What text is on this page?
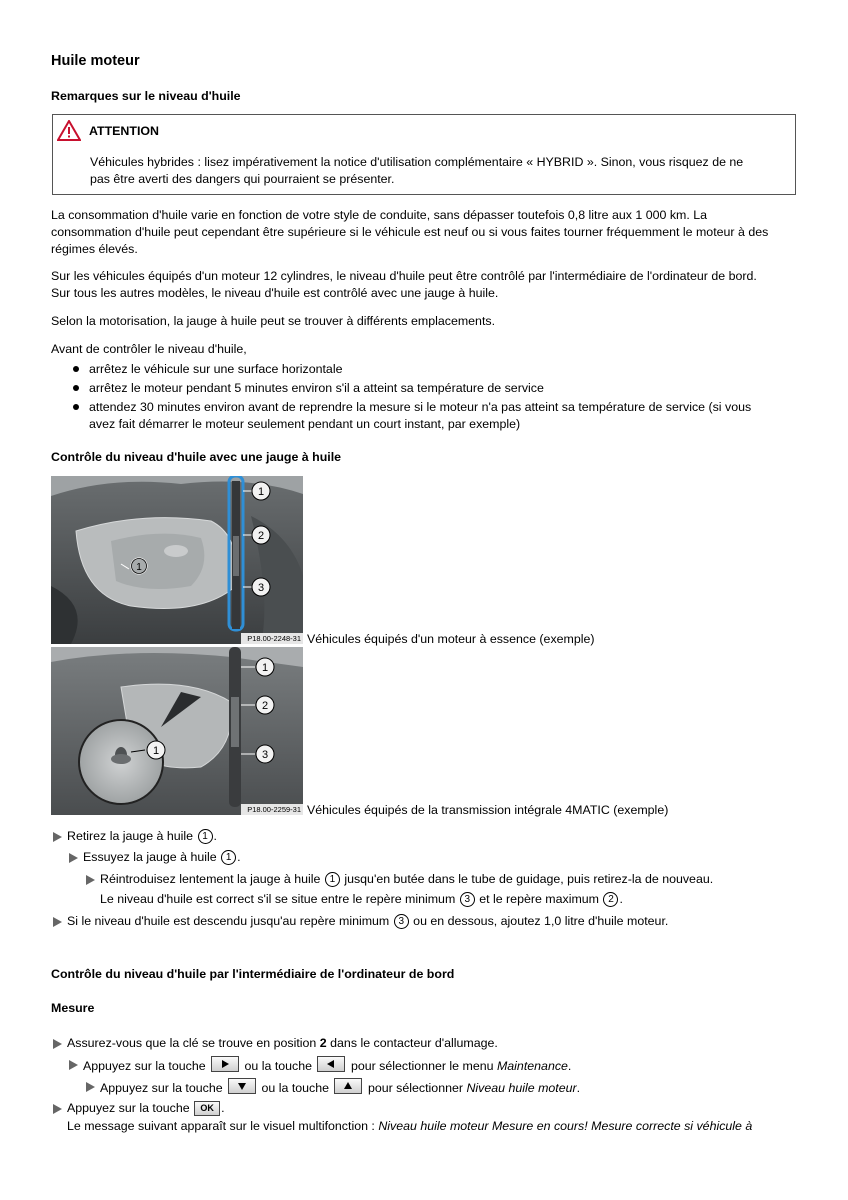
Huile moteur
Remarques sur le niveau d'huile
ATTENTION
Véhicules hybrides : lisez impérativement la notice d'utilisation complémentaire « HYBRID ». Sinon, vous risquez de ne
pas être averti des dangers qui pourraient se présenter.
La consommation d'huile varie en fonction de votre style de conduite, sans dépasser toutefois 0,8 litre aux 1 000 km. La
consommation d'huile peut cependant être supérieure si le véhicule est neuf ou si vous faites tourner fréquemment le moteur à des
régimes élevés.
Sur les véhicules équipés d'un moteur 12 cylindres, le niveau d'huile peut être contrôlé par l'intermédiaire de l'ordinateur de bord.
Sur tous les autres modèles, le niveau d'huile est contrôlé avec une jauge à huile.
Selon la motorisation, la jauge à huile peut se trouver à différents emplacements.
Avant de contrôler le niveau d'huile,
arrêtez le véhicule sur une surface horizontale
arrêtez le moteur pendant 5 minutes environ s'il a atteint sa température de service
attendez 30 minutes environ avant de reprendre la mesure si le moteur n'a pas atteint sa température de service (si vous
avez fait démarrer le moteur seulement pendant un court instant, par exemple)
Contrôle du niveau d'huile avec une jauge à huile
1
1
2
3
P18.00-2248-31 Véhicules équipés d'un moteur à essence (exemple)
1
1
2
3
P18.00-2259-31 Véhicules équipés de la transmission intégrale 4MATIC (exemple)
Retirez la jauge à huile 1 .
Essuyez la jauge à huile 1 .
Réintroduisez lentement la jauge à huile 1 jusqu'en butée dans le tube de guidage, puis retirez-la de nouveau.
Le niveau d'huile est correct s'il se situe entre le repère minimum 3 et le repère maximum 2 .
Si le niveau d'huile est descendu jusqu'au repère minimum 3 ou en dessous, ajoutez 1,0 litre d'huile moteur.
Contrôle du niveau d'huile par l'intermédiaire de l'ordinateur de bord
Mesure
Assurez-vous que la clé se trouve en position 2 dans le contacteur d'allumage.
Appuyez sur la touche	ou la touche	pour sélectionner le menu Maintenance.
Appuyez sur la touche	ou la touche	pour sélectionner Niveau huile moteur.
Appuyez sur la touche OK .
Le message suivant apparaît sur le visuel multifonction : Niveau huile moteur Mesure en cours! Mesure correcte si véhicule à
